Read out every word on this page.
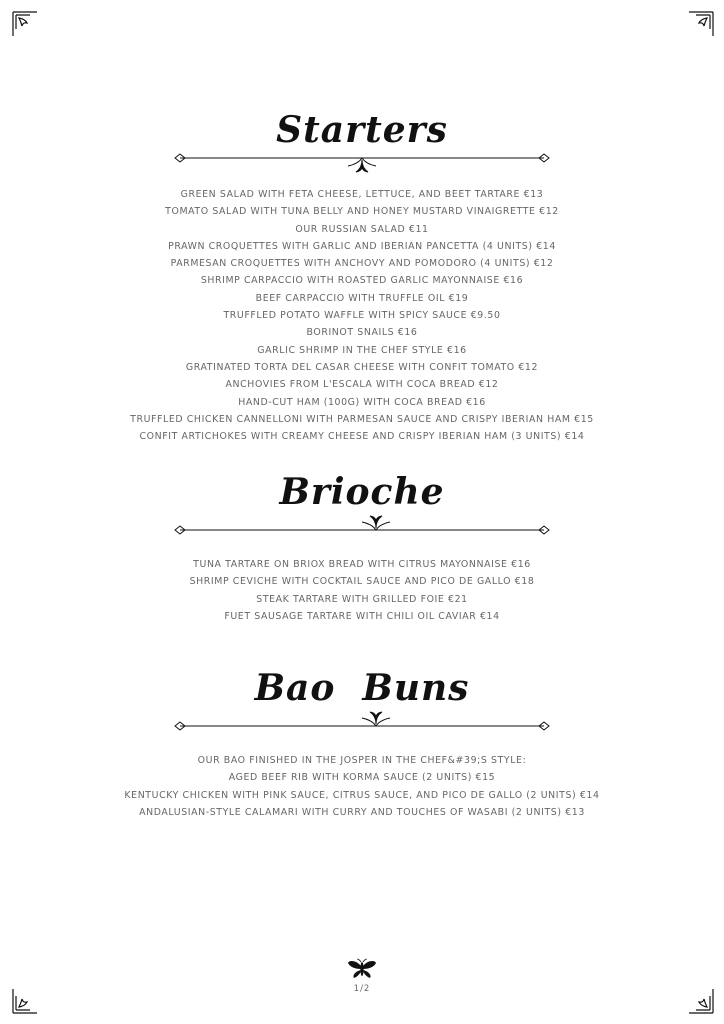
Starters
GREEN SALAD WITH FETA CHEESE, LETTUCE, AND BEET TARTARE €13
TOMATO SALAD WITH TUNA BELLY AND HONEY MUSTARD VINAIGRETTE €12
OUR RUSSIAN SALAD €11
PRAWN CROQUETTES WITH GARLIC AND IBERIAN PANCETTA (4 UNITS) €14
PARMESAN CROQUETTES WITH ANCHOVY AND POMODORO (4 UNITS) €12
SHRIMP CARPACCIO WITH ROASTED GARLIC MAYONNAISE €16
BEEF CARPACCIO WITH TRUFFLE OIL €19
TRUFFLED POTATO WAFFLE WITH SPICY SAUCE €9.50
BORINOT SNAILS €16
GARLIC SHRIMP IN THE CHEF STYLE €16
GRATINATED TORTA DEL CASAR CHEESE WITH CONFIT TOMATO €12
ANCHOVIES FROM L'ESCALA WITH COCA BREAD €12
HAND-CUT HAM (100G) WITH COCA BREAD €16
TRUFFLED CHICKEN CANNELLONI WITH PARMESAN SAUCE AND CRISPY IBERIAN HAM €15
CONFIT ARTICHOKES WITH CREAMY CHEESE AND CRISPY IBERIAN HAM (3 UNITS) €14
Brioche
TUNA TARTARE ON BRIOX BREAD WITH CITRUS MAYONNAISE €16
SHRIMP CEVICHE WITH COCKTAIL SAUCE AND PICO DE GALLO €18
STEAK TARTARE WITH GRILLED FOIE €21
FUET SAUSAGE TARTARE WITH CHILI OIL CAVIAR €14
Bao  Buns
OUR BAO FINISHED IN THE JOSPER IN THE CHEF&#39;S STYLE:
AGED BEEF RIB WITH KORMA SAUCE (2 UNITS) €15
KENTUCKY CHICKEN WITH PINK SAUCE, CITRUS SAUCE, AND PICO DE GALLO (2 UNITS) €14
ANDALUSIAN-STYLE CALAMARI WITH CURRY AND TOUCHES OF WASABI (2 UNITS) €13
1/2
